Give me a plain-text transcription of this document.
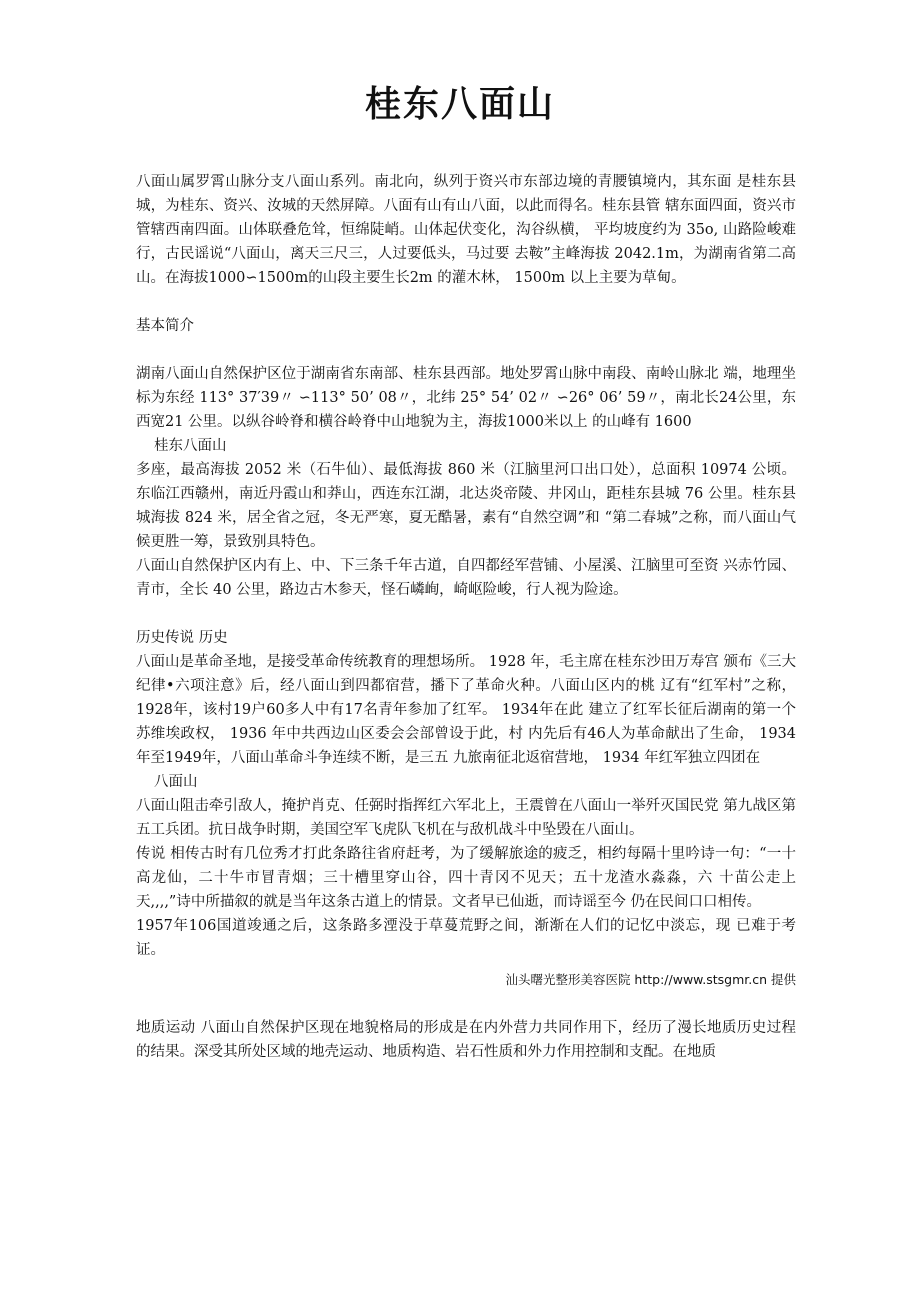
桂东八面山

八面山属罗霄山脉分支八面山系列。南北向，纵列于资兴市东部边境的青腰镇境内，其东面 是桂东县城，为桂东、资兴、汝城的天然屏障。八面有山有山八面，以此而得名。桂东县管 辖东面四面，资兴市管辖西南四面。山体联叠危耸，恒绵陡峭。山体起伏变化，沟谷纵横， 平均坡度约为 35o, 山路险峻难行，古民谣说“八面山，离天三尺三，人过要低头，马过要 去鞍”主峰海拔 2042.1m，为湖南省第二高山。在海拔1000∽1500m的山段主要生长2m 的灌木林， 1500m 以上主要为草甸。

基本简介

湖南八面山自然保护区位于湖南省东南部、桂东县西部。地处罗霄山脉中南段、南岭山脉北 端，地理坐标为东经 113° 37′39〃 ∽113° 50’ 08〃，北纬 25° 54’ 02〃 ∽26° 06’ 59〃，南北长24公里，东西宽21 公里。以纵谷岭脊和横谷岭脊中山地貌为主，海拔1000米以上 的山峰有 1600

桂东八面山

多座，最高海拔 2052 米（石牛仙）、最低海拔 860 米（江脑里河口出口处），总面积 10974 公顷。东临江西赣州，南近丹霞山和莽山，西连东江湖，北达炎帝陵、井冈山，距桂东县城 76 公里。桂东县城海拔 824 米，居全省之冠，冬无严寒，夏无酷暑，素有“自然空调”和 “第二春城”之称，而八面山气候更胜一筹，景致别具特色。

八面山自然保护区内有上、中、下三条千年古道，自四都经军营铺、小屋溪、江脑里可至资 兴赤竹园、青市，全长 40 公里，路边古木参天，怪石嶙峋，崎岖险峻，行人视为险途。

历史传说 历史

八面山是革命圣地，是接受革命传统教育的理想场所。 1928 年，毛主席在桂东沙田万寿宫 颁布《三大纪律•六项注意》后，经八面山到四都宿营，播下了革命火种。八面山区内的桃 辽有“红军村”之称， 1928年，该村19户60多人中有17名青年参加了红军。 1934年在此 建立了红军长征后湖南的第一个苏维埃政权， 1936 年中共西边山区委会会部曾设于此，村 内先后有46人为革命献出了生命， 1934年至1949年，八面山革命斗争连续不断，是三五 九旅南征北返宿营地， 1934 年红军独立四团在

八面山

八面山阻击牵引敌人，掩护肖克、任弼时指挥红六军北上，王震曾在八面山一举歼灭国民党 第九战区第五工兵团。抗日战争时期，美国空军飞虎队飞机在与敌机战斗中坠毁在八面山。

传说 相传古时有几位秀才打此条路往省府赶考，为了缓解旅途的疲乏，相约每隔十里吟诗一句：“一十高龙仙，二十牛市冒青烟；三十槽里穿山谷，四十青冈不见天；五十龙渣水淼淼，六 十苗公走上天,,,,”诗中所描叙的就是当年这条古道上的情景。文者早已仙逝，而诗谣至今 仍在民间口口相传。

1957年106国道竣通之后，这条路多湮没于草蔓荒野之间，渐渐在人们的记忆中淡忘，现 已难于考证。

汕头曙光整形美容医院 http://www.stsgmr.cn 提供

地质运动 八面山自然保护区现在地貌格局的形成是在内外营力共同作用下，经历了漫长地质历史过程 的结果。深受其所处区域的地壳运动、地质构造、岩石性质和外力作用控制和支配。在地质
